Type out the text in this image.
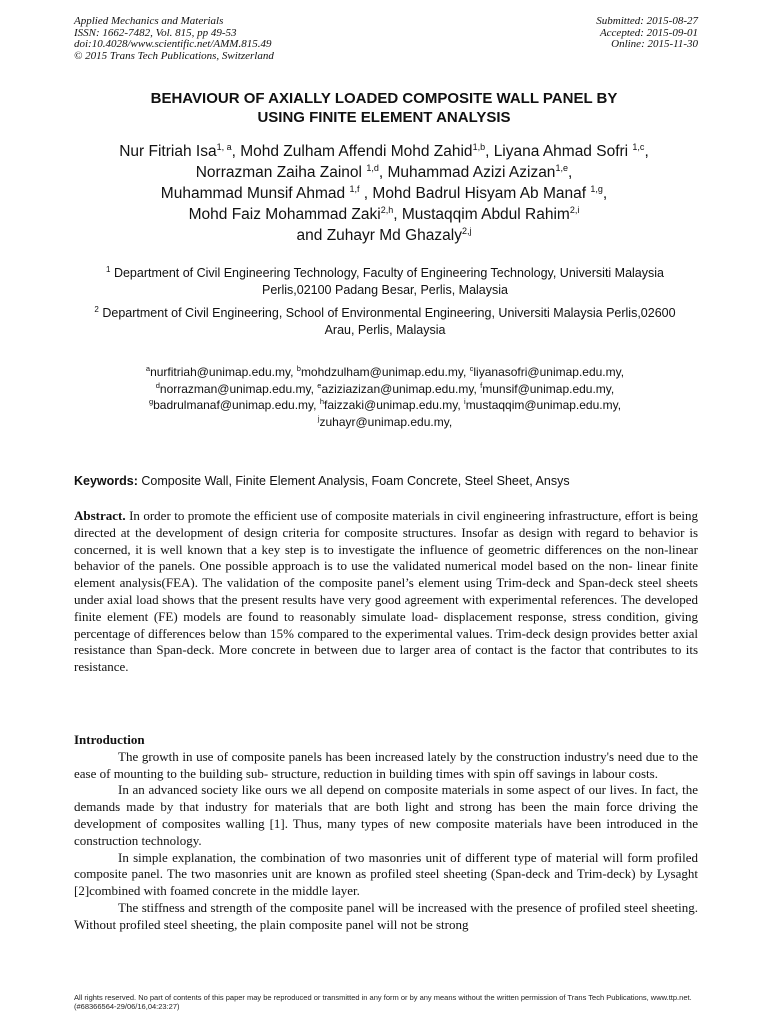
Applied Mechanics and Materials
ISSN: 1662-7482, Vol. 815, pp 49-53
doi:10.4028/www.scientific.net/AMM.815.49
© 2015 Trans Tech Publications, Switzerland
Submitted: 2015-08-27
Accepted: 2015-09-01
Online: 2015-11-30
BEHAVIOUR OF AXIALLY LOADED COMPOSITE WALL PANEL BY
USING FINITE ELEMENT ANALYSIS
Nur Fitriah Isa$^{1, a}$, Mohd Zulham Affendi Mohd Zahid$^{1,b}$, Liyana Ahmad Sofri $^{1,c}$,
Norrazman Zaiha Zainol $^{1,d}$, Muhammad Azizi Azizan$^{1,e}$,
Muhammad Munsif Ahmad $^{1,f}$ , Mohd Badrul Hisyam Ab Manaf $^{1,g}$,
Mohd Faiz Mohammad Zaki$^{2,h}$, Mustaqqim Abdul Rahim$^{2,i}$
and Zuhayr Md Ghazaly$^{2,j}$
$^1$ Department of Civil Engineering Technology, Faculty of Engineering Technology, Universiti Malaysia Perlis,02100 Padang Besar, Perlis, Malaysia
$^2$ Department of Civil Engineering, School of Environmental Engineering, Universiti Malaysia Perlis,02600 Arau, Perlis, Malaysia
$^a$nurfitriah@unimap.edu.my, $^b$mohdzulham@unimap.edu.my, $^c$liyanasofri@unimap.edu.my,
$^d$norrazman@unimap.edu.my, $^e$aziziazizan@unimap.edu.my, $^f$munsif@unimap.edu.my,
$^g$badrulmanaf@unimap.edu.my, $^h$faizzaki@unimap.edu.my, $^i$mustaqqim@unimap.edu.my,
$^j$zuhayr@unimap.edu.my,
Keywords: Composite Wall, Finite Element Analysis, Foam Concrete, Steel Sheet, Ansys
Abstract. In order to promote the efficient use of composite materials in civil engineering infrastructure, effort is being directed at the development of design criteria for composite structures. Insofar as design with regard to behavior is concerned, it is well known that a key step is to investigate the influence of geometric differences on the non-linear behavior of the panels. One possible approach is to use the validated numerical model based on the non- linear finite element analysis(FEA). The validation of the composite panel’s element using Trim-deck and Span-deck steel sheets under axial load shows that the present results have very good agreement with experimental references. The developed finite element (FE) models are found to reasonably simulate load- displacement response, stress condition, giving percentage of differences below than 15% compared to the experimental values. Trim-deck design provides better axial resistance than Span-deck. More concrete in between due to larger area of contact is the factor that contributes to its resistance.
Introduction

The growth in use of composite panels has been increased lately by the construction industry's need due to the ease of mounting to the building sub- structure, reduction in building times with spin off savings in labour costs.

In an advanced society like ours we all depend on composite materials in some aspect of our lives. In fact, the demands made by that industry for materials that are both light and strong has been the main force driving the development of composites walling [1]. Thus, many types of new composite materials have been introduced in the construction technology.

In simple explanation, the combination of two masonries unit of different type of material will form profiled composite panel. The two masonries unit are known as profiled steel sheeting (Span-deck and Trim-deck) by Lysaght [2]combined with foamed concrete in the middle layer.

The stiffness and strength of the composite panel will be increased with the presence of profiled steel sheeting. Without profiled steel sheeting, the plain composite panel will not be strong

All rights reserved. No part of contents of this paper may be reproduced or transmitted in any form or by any means without the written permission of Trans Tech Publications, www.ttp.net. (#68366564-29/06/16,04:23:27)
